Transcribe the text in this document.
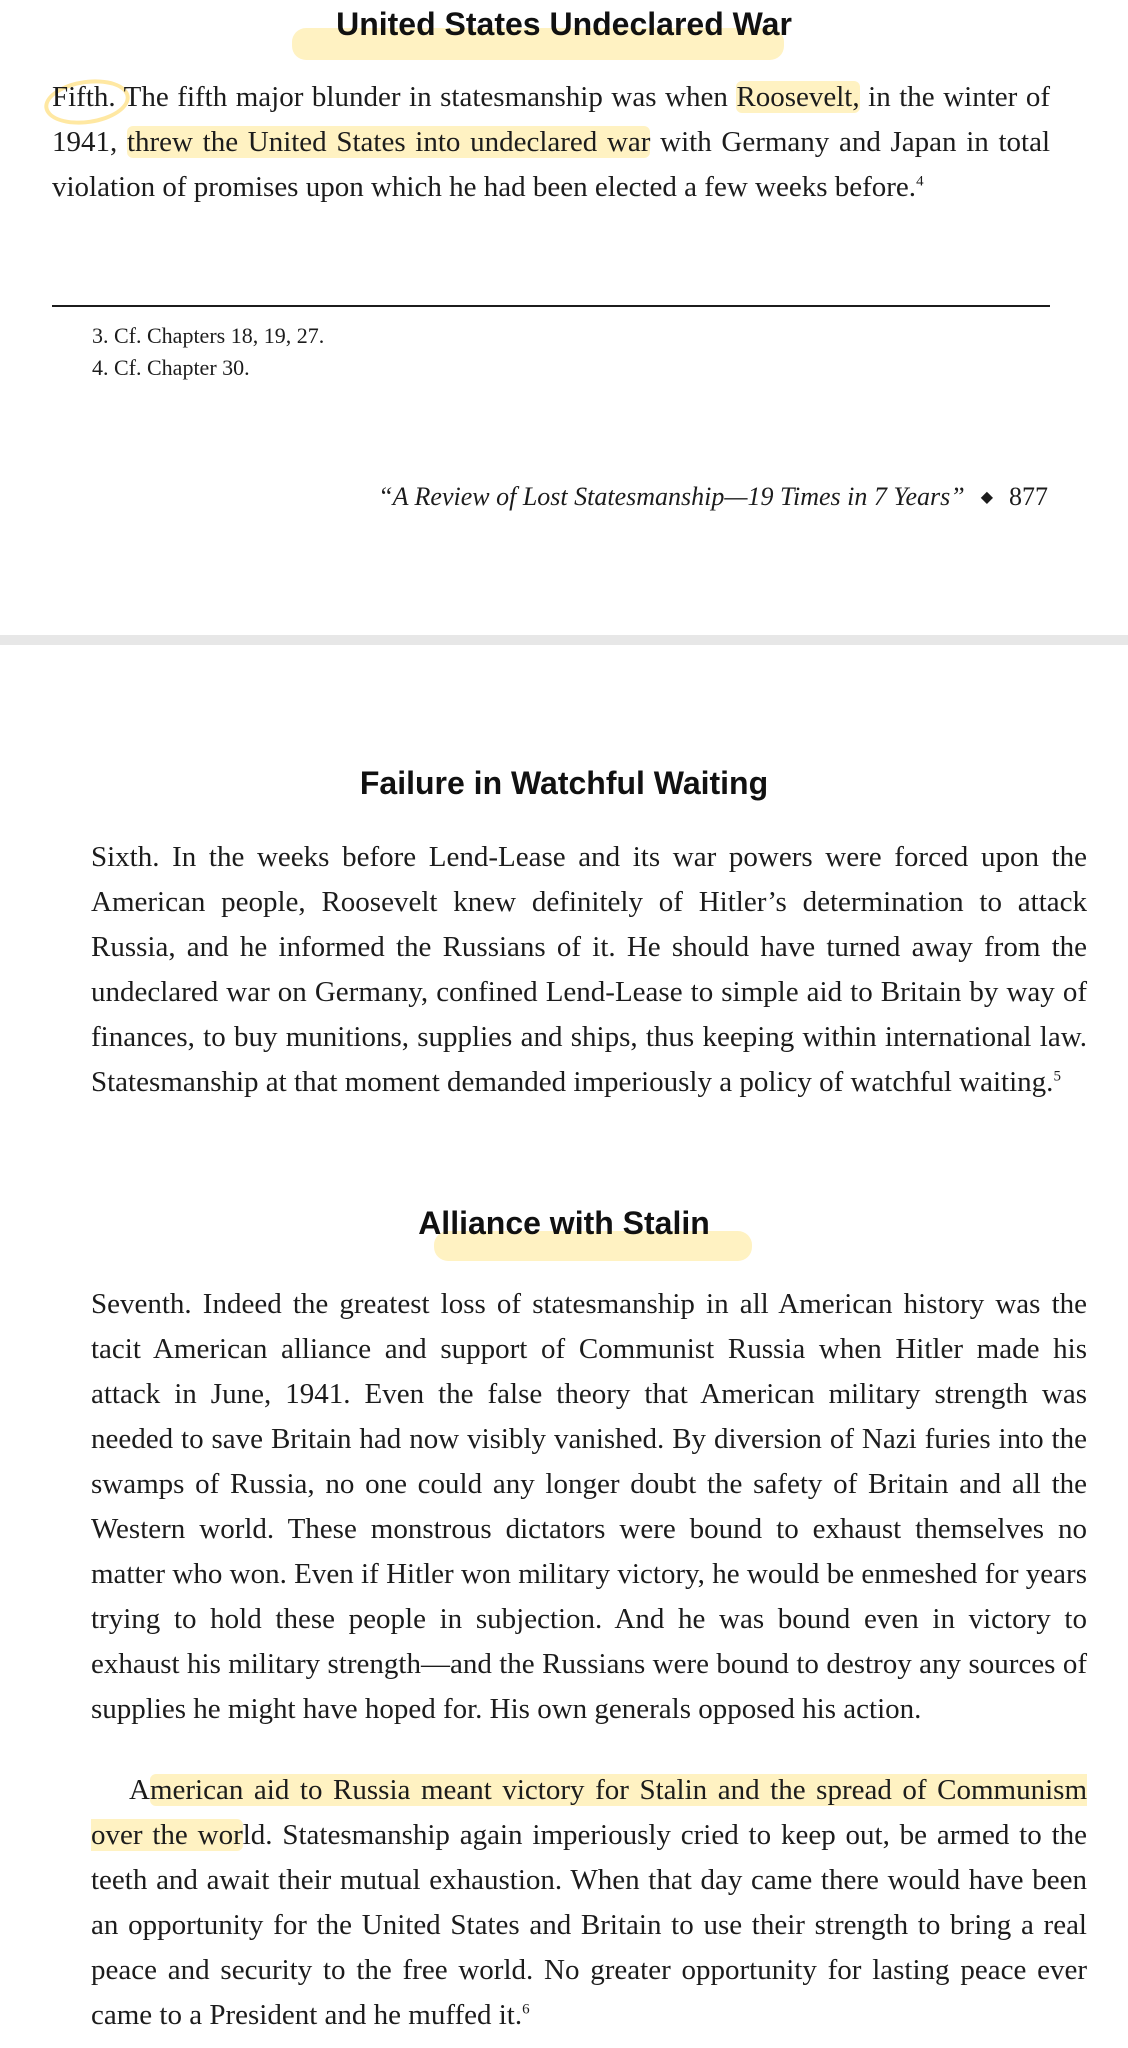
United States Undeclared War
Fifth. The fifth major blunder in statesmanship was when Roosevelt, in the winter of 1941, threw the United States into undeclared war with Germany and Japan in total violation of promises upon which he had been elected a few weeks before.$^4$
3. Cf. Chapters 18, 19, 27.
4. Cf. Chapter 30.
“A Review of Lost Statesmanship—19 Times in 7 Years” ◆ 877
Failure in Watchful Waiting
Sixth. In the weeks before Lend-Lease and its war powers were forced upon the American people, Roosevelt knew definitely of Hitler’s determination to attack Russia, and he informed the Russians of it. He should have turned away from the undeclared war on Germany, confined Lend-Lease to simple aid to Britain by way of finances, to buy munitions, supplies and ships, thus keeping within international law. Statesmanship at that moment demanded imperiously a policy of watchful waiting.$^5$
Alliance with Stalin
Seventh. Indeed the greatest loss of statesmanship in all American history was the tacit American alliance and support of Communist Russia when Hitler made his attack in June, 1941. Even the false theory that American military strength was needed to save Britain had now visibly vanished. By diversion of Nazi furies into the swamps of Russia, no one could any longer doubt the safety of Britain and all the Western world. These monstrous dictators were bound to exhaust themselves no matter who won. Even if Hitler won military victory, he would be enmeshed for years trying to hold these people in subjection. And he was bound even in victory to exhaust his military strength—and the Russians were bound to destroy any sources of supplies he might have hoped for. His own generals opposed his action.
American aid to Russia meant victory for Stalin and the spread of Communism over the world. Statesmanship again imperiously cried to keep out, be armed to the teeth and await their mutual exhaustion. When that day came there would have been an opportunity for the United States and Britain to use their strength to bring a real peace and security to the free world. No greater opportunity for lasting peace ever came to a President and he muffed it.$^6$
